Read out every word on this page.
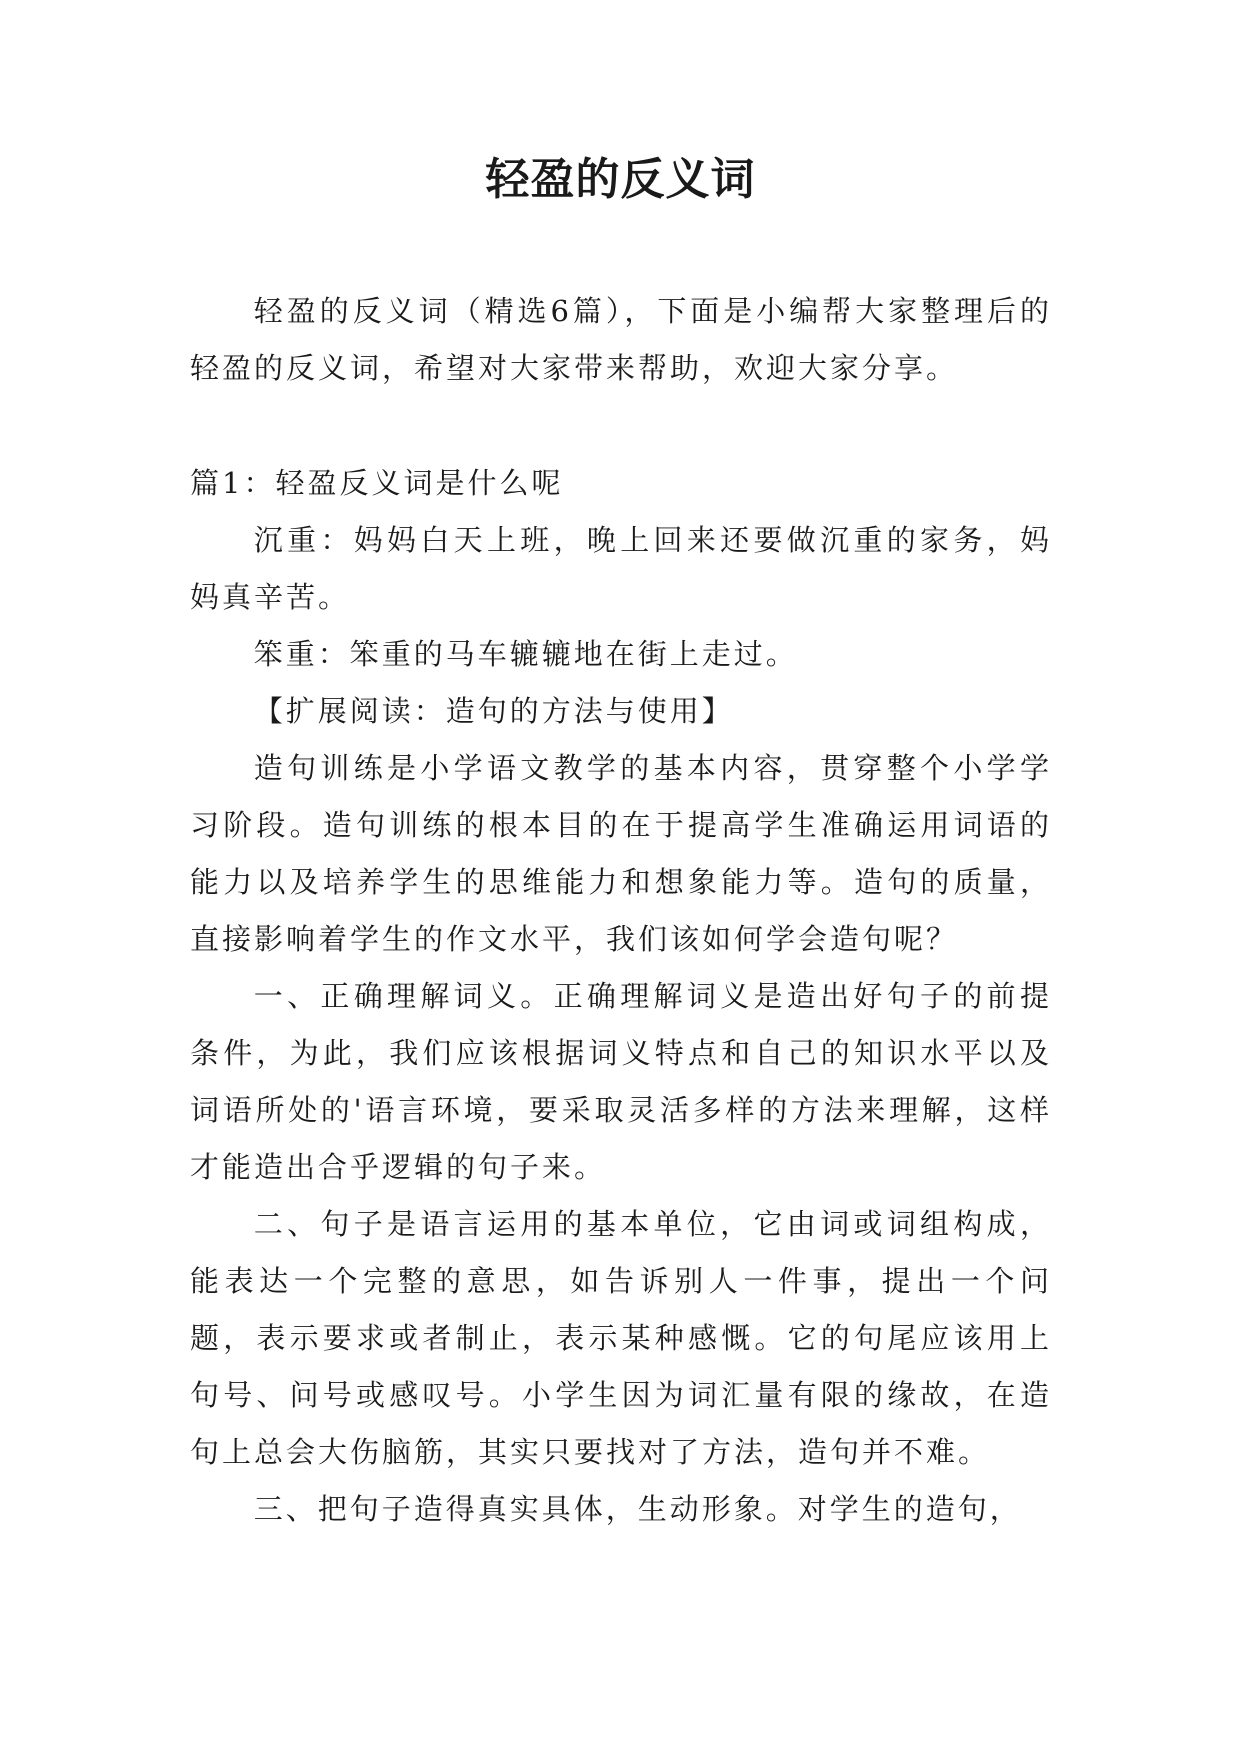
轻盈的反义词

轻盈的反义词（精选6篇），下面是小编帮大家整理后的轻盈的反义词，希望对大家带来帮助，欢迎大家分享。

篇1：轻盈反义词是什么呢

沉重：妈妈白天上班，晚上回来还要做沉重的家务，妈妈真辛苦。

笨重：笨重的马车辘辘地在街上走过。

【扩展阅读：造句的方法与使用】

造句训练是小学语文教学的基本内容，贯穿整个小学学习阶段。造句训练的根本目的在于提高学生准确运用词语的能力以及培养学生的思维能力和想象能力等。造句的质量，直接影响着学生的作文水平，我们该如何学会造句呢？

一、正确理解词义。正确理解词义是造出好句子的前提条件，为此，我们应该根据词义特点和自己的知识水平以及词语所处的'语言环境，要采取灵活多样的方法来理解，这样才能造出合乎逻辑的句子来。

二、句子是语言运用的基本单位，它由词或词组构成，能表达一个完整的意思，如告诉别人一件事，提出一个问题，表示要求或者制止，表示某种感慨。它的句尾应该用上句号、问号或感叹号。小学生因为词汇量有限的缘故，在造句上总会大伤脑筋，其实只要找对了方法，造句并不难。

三、把句子造得真实具体，生动形象。对学生的造句，
